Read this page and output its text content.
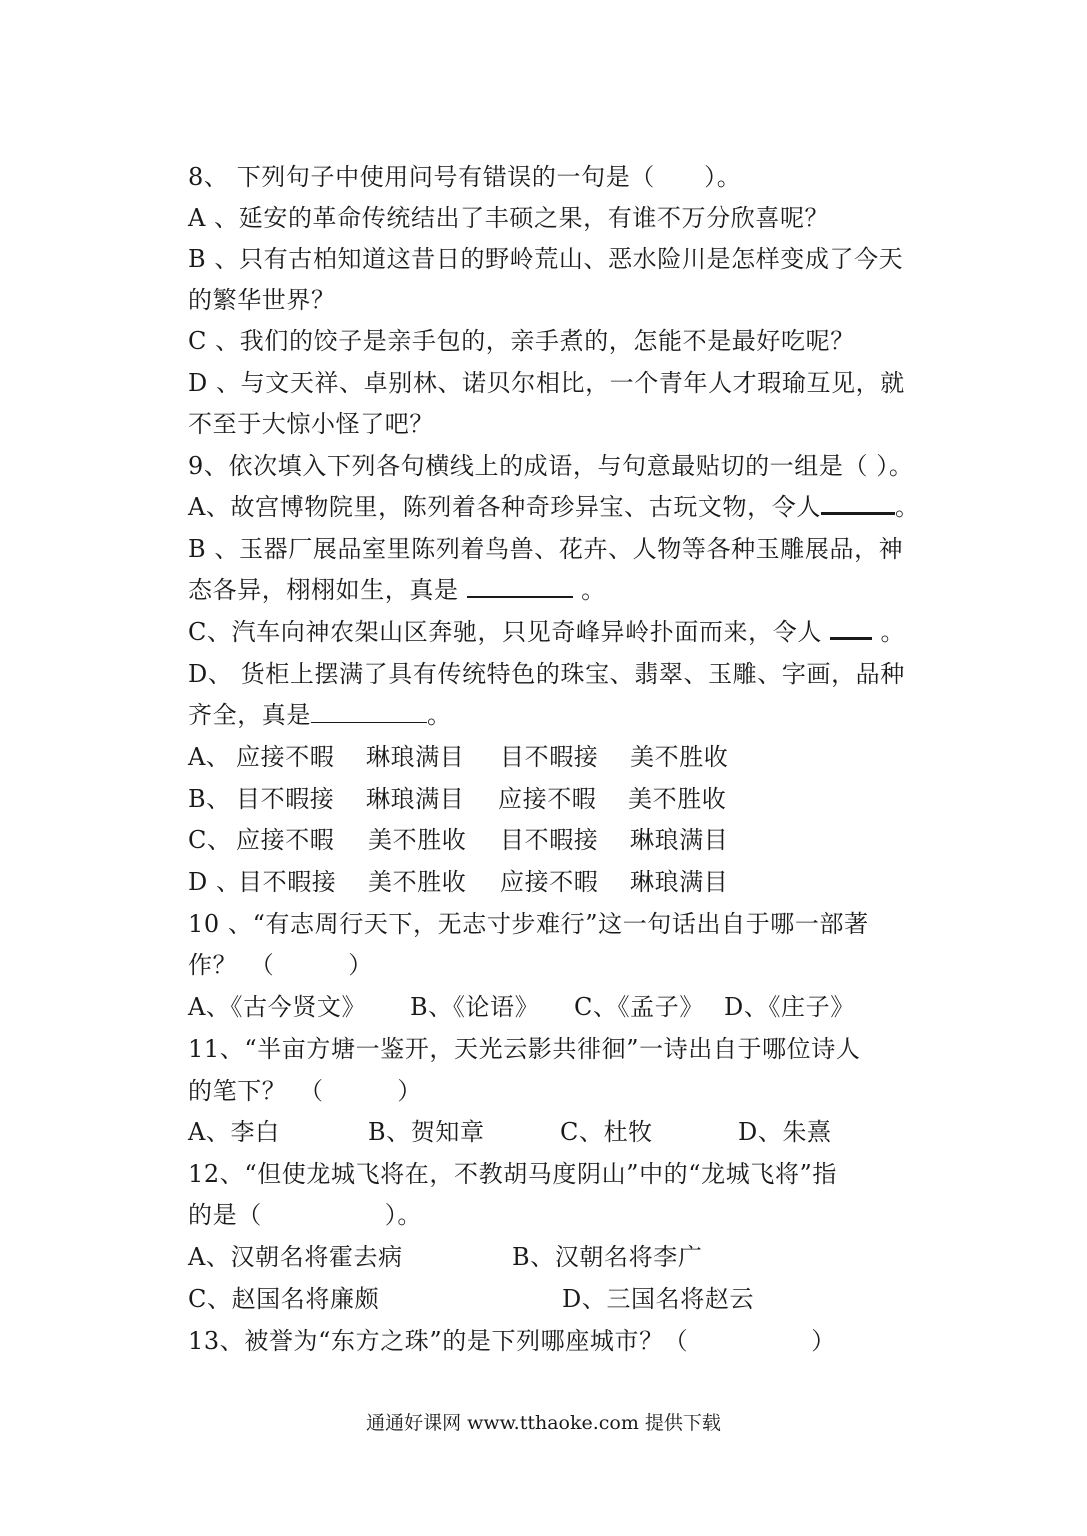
8、 下列句子中使用问号有错误的一句是（　　）。
A 、延安的革命传统结出了丰硕之果，有谁不万分欣喜呢？
B 、只有古柏知道这昔日的野岭荒山、恶水险川是怎样变成了今天
的繁华世界？
C 、我们的饺子是亲手包的，亲手煮的，怎能不是最好吃呢？
D 、与文天祥、卓别林、诺贝尔相比，一个青年人才瑕瑜互见，就
不至于大惊小怪了吧？
9、依次填入下列各句横线上的成语，与句意最贴切的一组是（ ）。
A、故宫博物院里，陈列着各种奇珍异宝、古玩文物，令人	。
B 、玉器厂展品室里陈列着鸟兽、花卉、人物等各种玉雕展品，神
态各异，栩栩如生，真是	。
C、汽车向神农架山区奔驰，只见奇峰异岭扑面而来，令人 。
D、 货柜上摆满了具有传统特色的珠宝、翡翠、玉雕、字画，品种
齐全，真是	。
A、 应接不暇 琳琅满目 目不暇接 美不胜收
B、 目不暇接 琳琅满目 应接不暇 美不胜收
C、 应接不暇 美不胜收 目不暇接 琳琅满目
D 、目不暇接 美不胜收 应接不暇 琳琅满目
10 、“有志周行天下，无志寸步难行”这一句话出自于哪一部著
作？　（　　　）
A、《古今贤文》 B、《论语》 C、《孟子》 D、《庄子》
11、“半亩方塘一鉴开，天光云影共徘徊”一诗出自于哪位诗人
的笔下？　（　　　）
A、李白	B、贺知章	C、杜牧	D、朱熹
12、“但使龙城飞将在，不教胡马度阴山”中的“龙城飞将”指
的是（　　　　　）。
A、汉朝名将霍去病	B、汉朝名将李广
C、赵国名将廉颇	D、三国名将赵云
13、被誉为“东方之珠”的是下列哪座城市？（　　　　　）
通通好课网 www.tthaoke.com 提供下载
